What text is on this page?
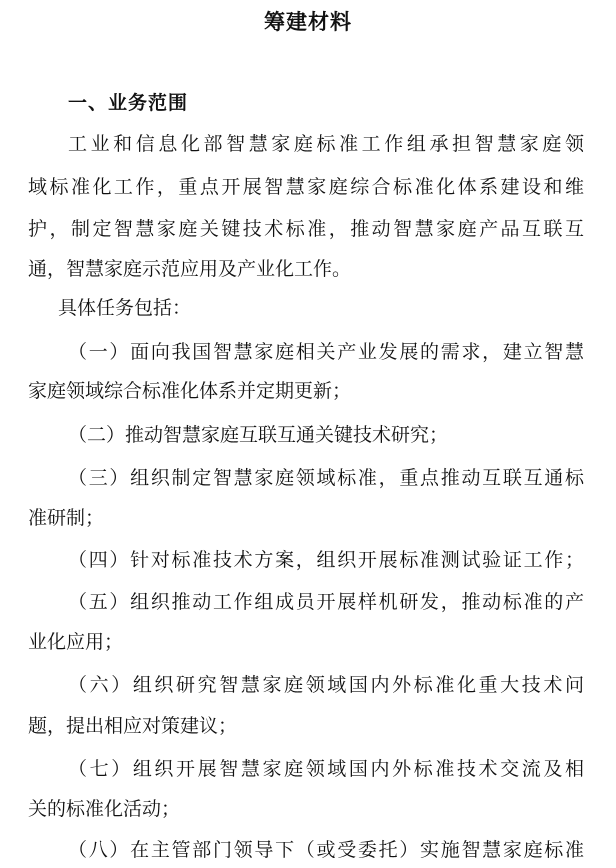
筹建材料
一、业务范围
工业和信息化部智慧家庭标准工作组承担智慧家庭领
域标准化工作，重点开展智慧家庭综合标准化体系建设和维
护，制定智慧家庭关键技术标准，推动智慧家庭产品互联互
通，智慧家庭示范应用及产业化工作。
具体任务包括：
（一）面向我国智慧家庭相关产业发展的需求，建立智慧
家庭领域综合标准化体系并定期更新；
（二）推动智慧家庭互联互通关键技术研究；
（三）组织制定智慧家庭领域标准，重点推动互联互通标
准研制；
（四）针对标准技术方案，组织开展标准测试验证工作；
（五）组织推动工作组成员开展样机研发，推动标准的产
业化应用；
（六）组织研究智慧家庭领域国内外标准化重大技术问
题，提出相应对策建议；
（七）组织开展智慧家庭领域国内外标准技术交流及相
关的标准化活动；
（八）在主管部门领导下（或受委托）实施智慧家庭标准
